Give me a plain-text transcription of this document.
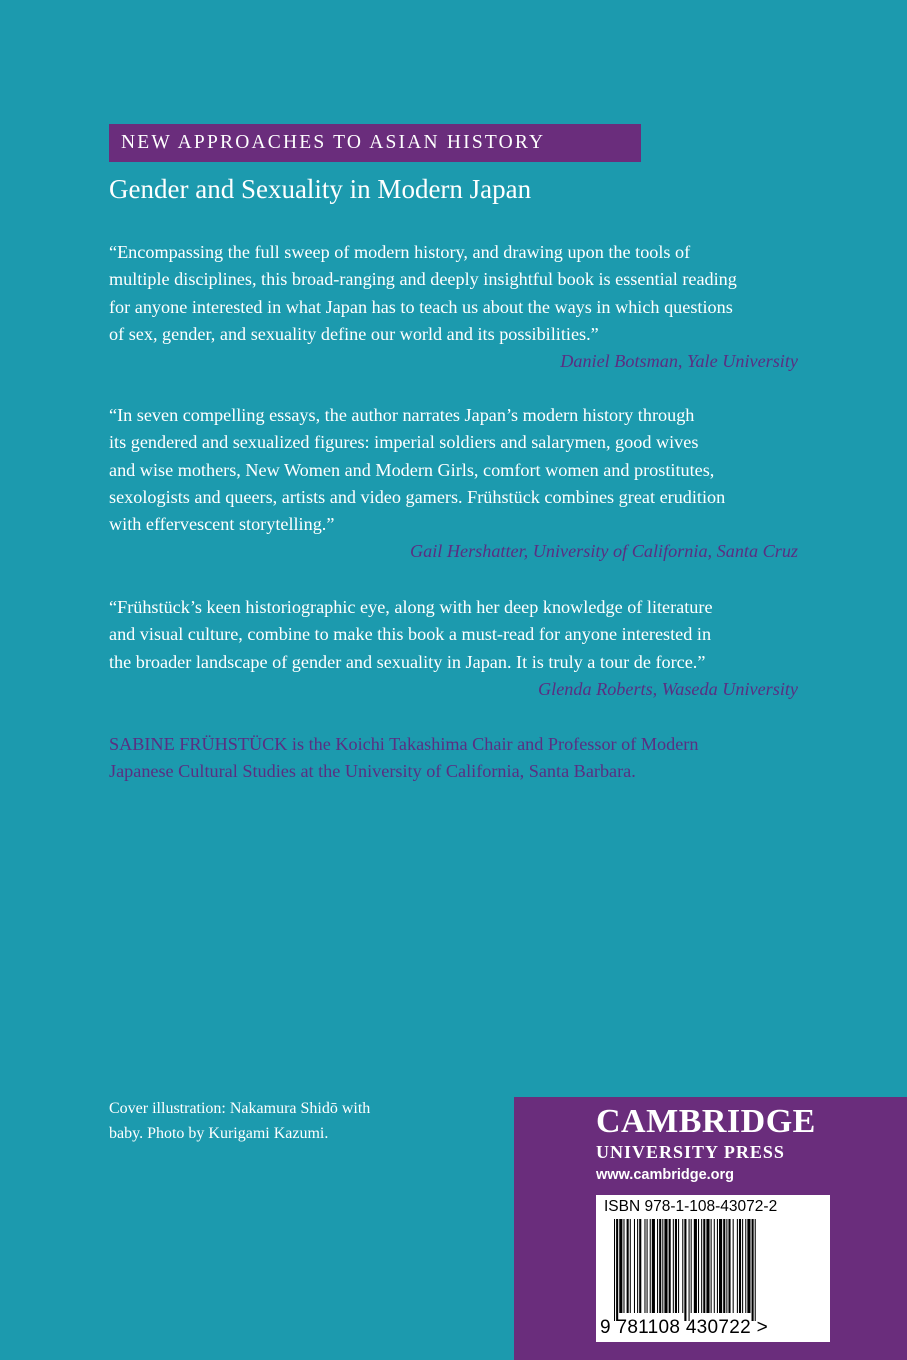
NEW APPROACHES TO ASIAN HISTORY
Gender and Sexuality in Modern Japan
“Encompassing the full sweep of modern history, and drawing upon the tools of
multiple disciplines, this broad-ranging and deeply insightful book is essential reading
for anyone interested in what Japan has to teach us about the ways in which questions
of sex, gender, and sexuality define our world and its possibilities.”
Daniel Botsman, Yale University
“In seven compelling essays, the author narrates Japan’s modern history through
its gendered and sexualized figures: imperial soldiers and salarymen, good wives
and wise mothers, New Women and Modern Girls, comfort women and prostitutes,
sexologists and queers, artists and video gamers. Frühstück combines great erudition
with effervescent storytelling.”
Gail Hershatter, University of California, Santa Cruz
“Frühstück’s keen historiographic eye, along with her deep knowledge of literature
and visual culture, combine to make this book a must-read for anyone interested in
the broader landscape of gender and sexuality in Japan. It is truly a tour de force.”
Glenda Roberts, Waseda University
SABINE FRÜHSTÜCK is the Koichi Takashima Chair and Professor of Modern
Japanese Cultural Studies at the University of California, Santa Barbara.
Cover illustration: Nakamura Shidō with
baby. Photo by Kurigami Kazumi.	CAMBRIDGE
UNIVERSITY PRESS
www.cambridge.org
ISBN 978-1-108-43072-2
9 781108 430722 >
